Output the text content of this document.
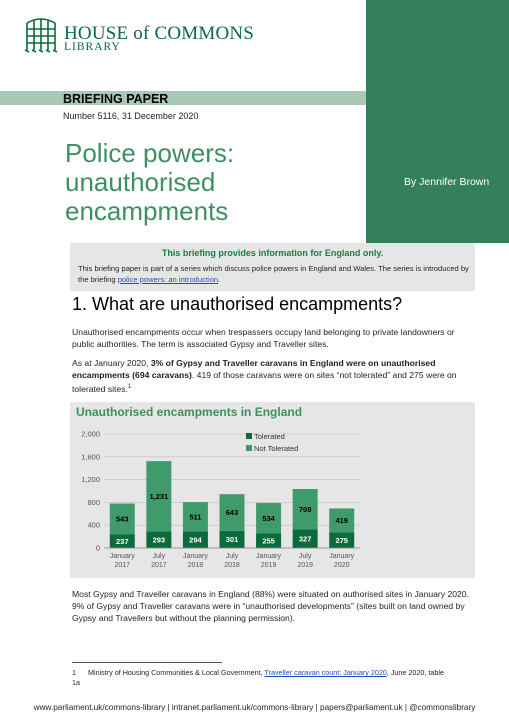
HOUSE of COMMONS
LIBRARY
BRIEFING PAPER
Number 5116, 31 December 2020
Police powers: unauthorised encampments
By Jennifer Brown
This briefing provides information for England only.
This briefing paper is part of a series which discuss police powers in England and Wales. The series is introduced by the briefing police powers: an introduction.
1. What are unauthorised encampments?
Unauthorised encampments occur when trespassers occupy land belonging to private landowners or public authorities. The term is associated Gypsy and Traveller sites.
As at January 2020, 3% of Gypsy and Traveller caravans in England were on unauthorised encampments (694 caravans). 419 of those caravans were on sites “not tolerated” and 275 were on tolerated sites.$^1$
Unauthorised encampments in England
0
400
800
1,200
1,600
2,000
237
543
January
2017
293
1,231
July
2017
294
511
January
2018
301
643
July
2018
255
534
January
2019
327
708
July
2019
275
419
January
2020
Tolerated
Not Tolerated
Most Gypsy and Traveller caravans in England (88%) were situated on authorised sites in January 2020. 9% of Gypsy and Traveller caravans were in “unauthorised developments” (sites built on land owned by Gypsy and Travellers but without the planning permission).
1 Ministry of Housing Communities & Local Government, Traveller caravan count: January 2020, June 2020, table 1a
www.parliament.uk/commons-library | intranet.parliament.uk/commons-library | papers@parliament.uk | @commonslibrary
